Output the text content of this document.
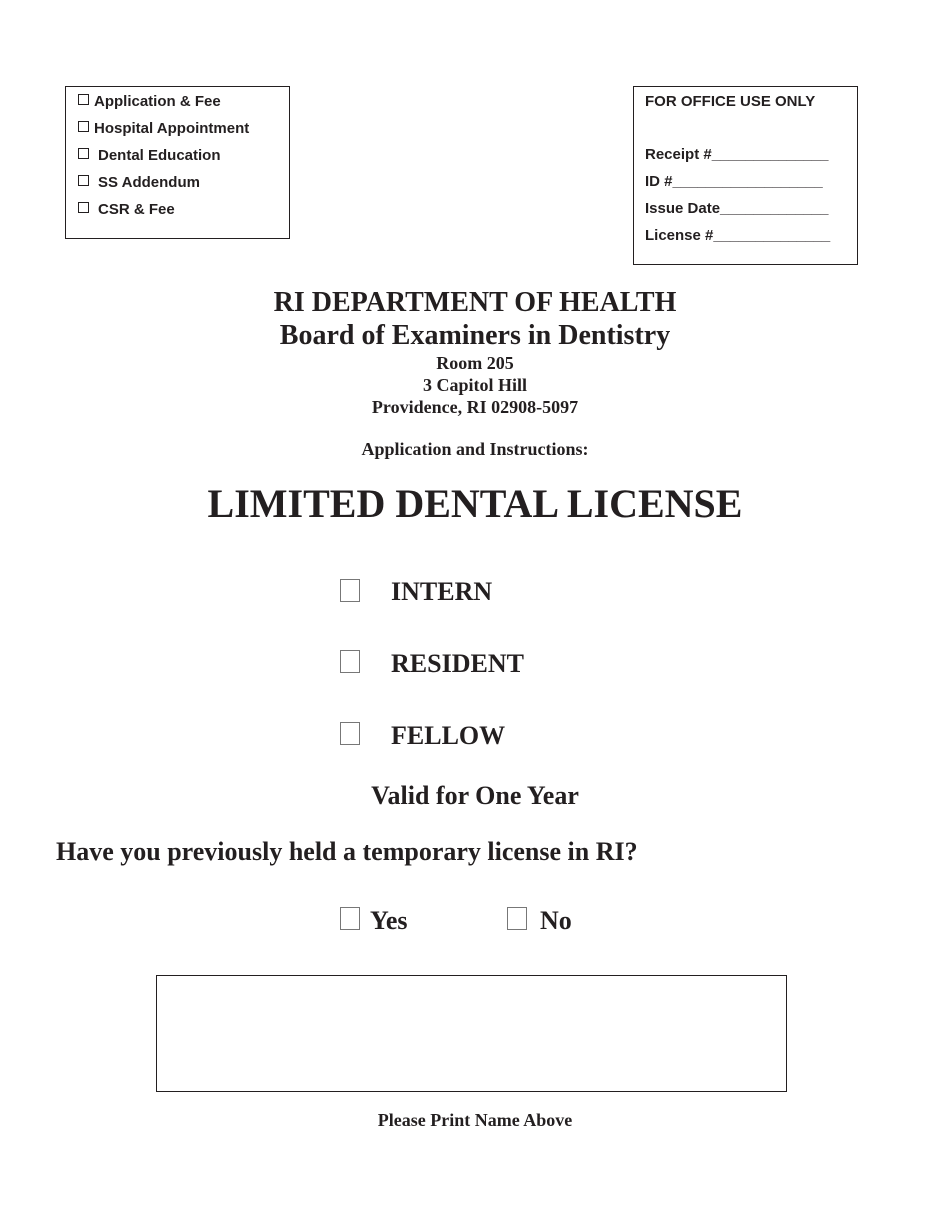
Application & Fee
Hospital Appointment
Dental Education
SS Addendum
CSR & Fee
FOR OFFICE USE ONLY
Receipt #______________
ID #__________________
Issue Date_____________
License #______________
RI DEPARTMENT OF HEALTH
Board of Examiners in Dentistry
Room 205
3 Capitol Hill
Providence, RI 02908-5097
Application and Instructions:
LIMITED DENTAL LICENSE
INTERN
RESIDENT
FELLOW
Valid for One Year
Have you previously held a temporary license in RI?
Yes	No
Please Print Name Above
